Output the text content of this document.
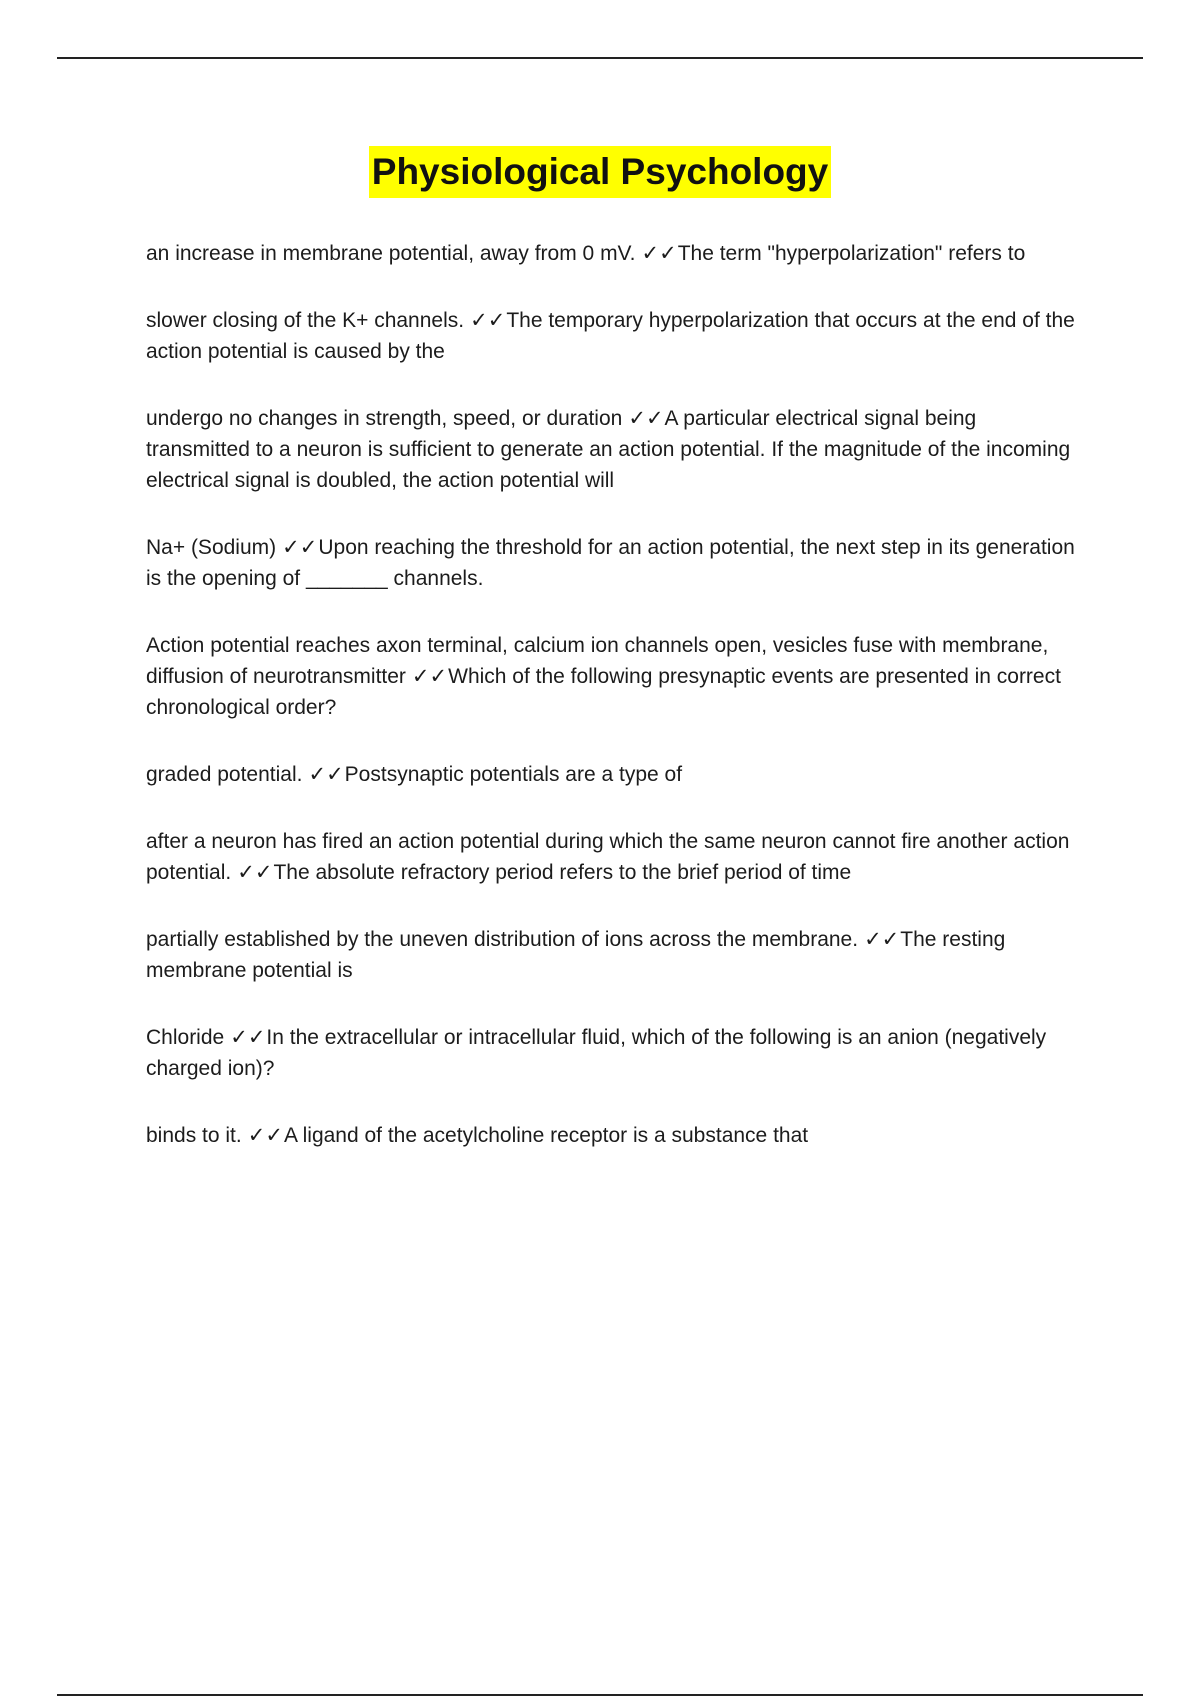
Physiological Psychology
an increase in membrane potential, away from 0 mV. ✓✓The term "hyperpolarization" refers to
slower closing of the K+ channels. ✓✓The temporary hyperpolarization that occurs at the end of the action potential is caused by the
undergo no changes in strength, speed, or duration ✓✓A particular electrical signal being transmitted to a neuron is sufficient to generate an action potential. If the magnitude of the incoming electrical signal is doubled, the action potential will
Na+ (Sodium) ✓✓Upon reaching the threshold for an action potential, the next step in its generation is the opening of _______ channels.
Action potential reaches axon terminal, calcium ion channels open, vesicles fuse with membrane, diffusion of neurotransmitter ✓✓Which of the following presynaptic events are presented in correct chronological order?
graded potential. ✓✓Postsynaptic potentials are a type of
after a neuron has fired an action potential during which the same neuron cannot fire another action potential. ✓✓The absolute refractory period refers to the brief period of time
partially established by the uneven distribution of ions across the membrane. ✓✓The resting membrane potential is
Chloride ✓✓In the extracellular or intracellular fluid, which of the following is an anion (negatively charged ion)?
binds to it. ✓✓A ligand of the acetylcholine receptor is a substance that
